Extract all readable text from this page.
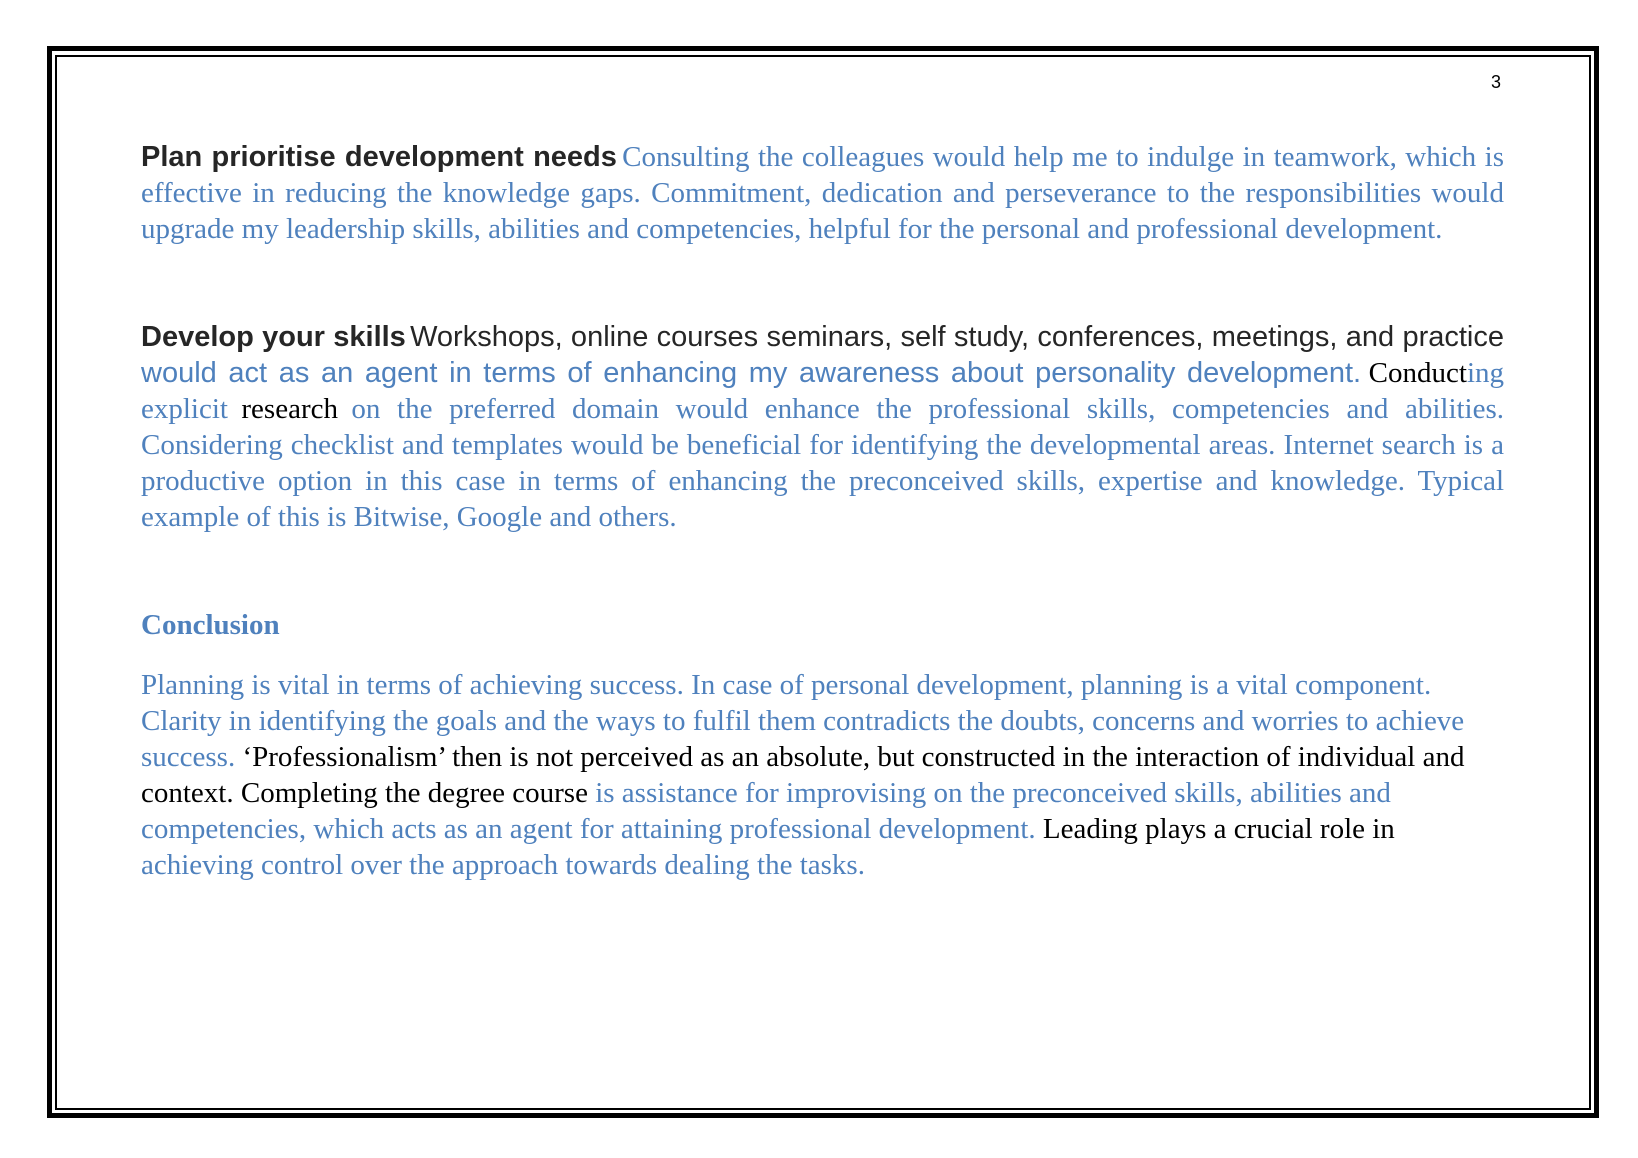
3

Plan prioritise development needs Consulting the colleagues would help me to indulge in teamwork, which is effective in reducing the knowledge gaps. Commitment, dedication and perseverance to the responsibilities would upgrade my leadership skills, abilities and competencies, helpful for the personal and professional development.

Develop your skills Workshops, online courses seminars, self study, conferences, meetings, and practice would act as an agent in terms of enhancing my awareness about personality development. Conducting explicit research on the preferred domain would enhance the professional skills, competencies and abilities. Considering checklist and templates would be beneficial for identifying the developmental areas. Internet search is a productive option in this case in terms of enhancing the preconceived skills, expertise and knowledge. Typical example of this is Bitwise, Google and others.

Conclusion

Planning is vital in terms of achieving success. In case of personal development, planning is a vital component. Clarity in identifying the goals and the ways to fulfil them contradicts the doubts, concerns and worries to achieve success. ‘Professionalism’ then is not perceived as an absolute, but constructed in the interaction of individual and context. Completing the degree course is assistance for improvising on the preconceived skills, abilities and competencies, which acts as an agent for attaining professional development. Leading plays a crucial role in achieving control over the approach towards dealing the tasks.
